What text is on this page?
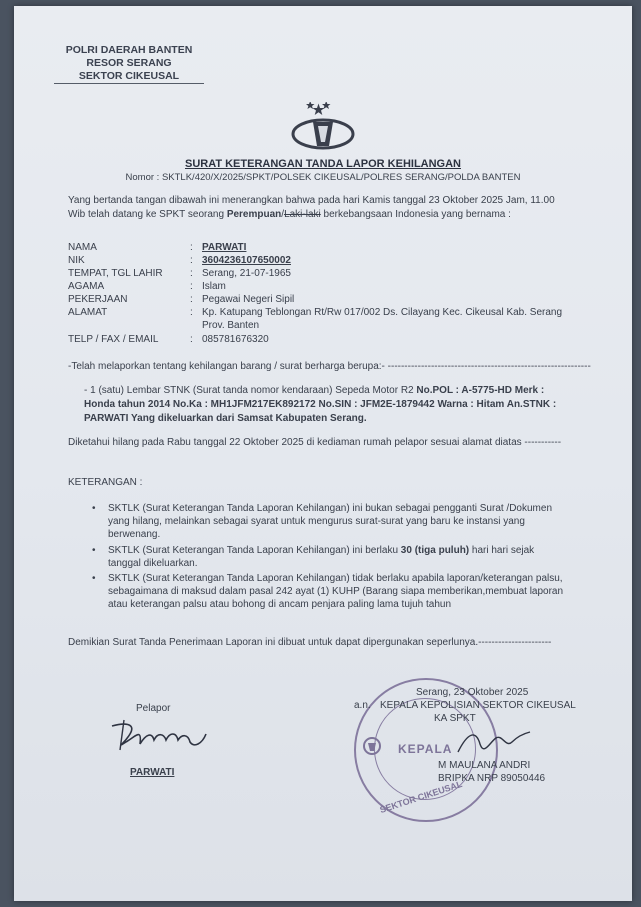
POLRI DAERAH BANTEN
RESOR SERANG
SEKTOR CIKEUSAL
SURAT KETERANGAN TANDA LAPOR KEHILANGAN
Nomor : SKTLK/420/X/2025/SPKT/POLSEK CIKEUSAL/POLRES SERANG/POLDA BANTEN
Yang bertanda tangan dibawah ini menerangkan bahwa pada hari Kamis tanggal 23 Oktober 2025 Jam, 11.00
Wib telah datang ke SPKT seorang Perempuan/Laki-laki berkebangsaan Indonesia yang bernama :
NAMA	: PARWATI
NIK	: 3604236107650002
TEMPAT, TGL LAHIR	: Serang, 21-07-1965
AGAMA	: Islam
PEKERJAAN	: Pegawai Negeri Sipil
ALAMAT	: Kp. Katupang Teblongan Rt/Rw 017/002 Ds. Cilayang Kec. Cikeusal Kab. Serang
Prov. Banten
TELP / FAX / EMAIL	: 085781676320
-Telah melaporkan tentang kehilangan barang / surat berharga berupa:- -------------------------------------------------------------
- 1 (satu) Lembar STNK (Surat tanda nomor kendaraan) Sepeda Motor R2 No.POL : A-5775-HD Merk :
Honda tahun 2014 No.Ka : MH1JFM217EK892172 No.SIN : JFM2E-1879442 Warna : Hitam An.STNK :
PARWATI Yang dikeluarkan dari Samsat Kabupaten Serang.
Diketahui hilang pada Rabu tanggal 22 Oktober 2025 di kediaman rumah pelapor sesuai alamat diatas -----------
KETERANGAN :
• SKTLK (Surat Keterangan Tanda Laporan Kehilangan) ini bukan sebagai pengganti Surat /Dokumen
yang hilang, melainkan sebagai syarat untuk mengurus surat-surat yang baru ke instansi yang
berwenang.
• SKTLK (Surat Keterangan Tanda Laporan Kehilangan) ini berlaku 30 (tiga puluh) hari hari sejak
tanggal dikeluarkan.
• SKTLK (Surat Keterangan Tanda Laporan Kehilangan) tidak berlaku apabila laporan/keterangan palsu,
sebagaimana di maksud dalam pasal 242 ayat (1) KUHP (Barang siapa memberikan,membuat laporan
atau keterangan palsu atau bohong di ancam penjara paling lama tujuh tahun
Demikian Surat Tanda Penerimaan Laporan ini dibuat untuk dapat dipergunakan seperlunya.----------------------
Pelapor
PARWATI
KEPALA
SEKTOR CIKEUSAL
Serang, 23 Oktober 2025
a.n. KEPALA KEPOLISIAN SEKTOR CIKEUSAL
KA SPKT
M MAULANA ANDRI
BRIPKA NRP 89050446
